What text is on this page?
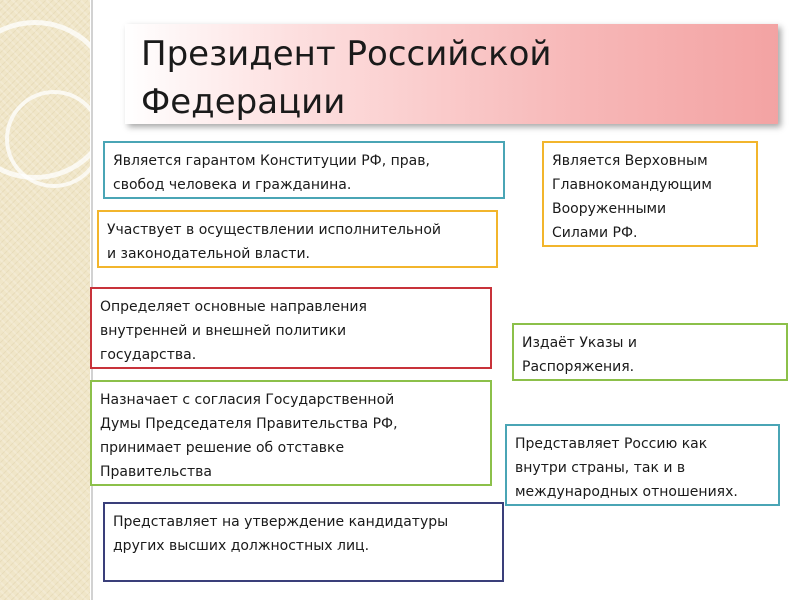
Президент Российской
Федерации
Является гарантом Конституции РФ, прав,
свобод человека и гражданина.
Участвует в осуществлении исполнительной
и законодательной власти.
Определяет основные направления
внутренней и внешней политики
государства.
Назначает с согласия Государственной
Думы Председателя Правительства РФ,
принимает решение об отставке
Правительства
Представляет на утверждение кандидатуры
других высших должностных лиц.
Является Верховным
Главнокомандующим
Вооруженными
Силами РФ.
Издаёт Указы и
Распоряжения.
Представляет Россию как
внутри страны, так и в
международных отношениях.
